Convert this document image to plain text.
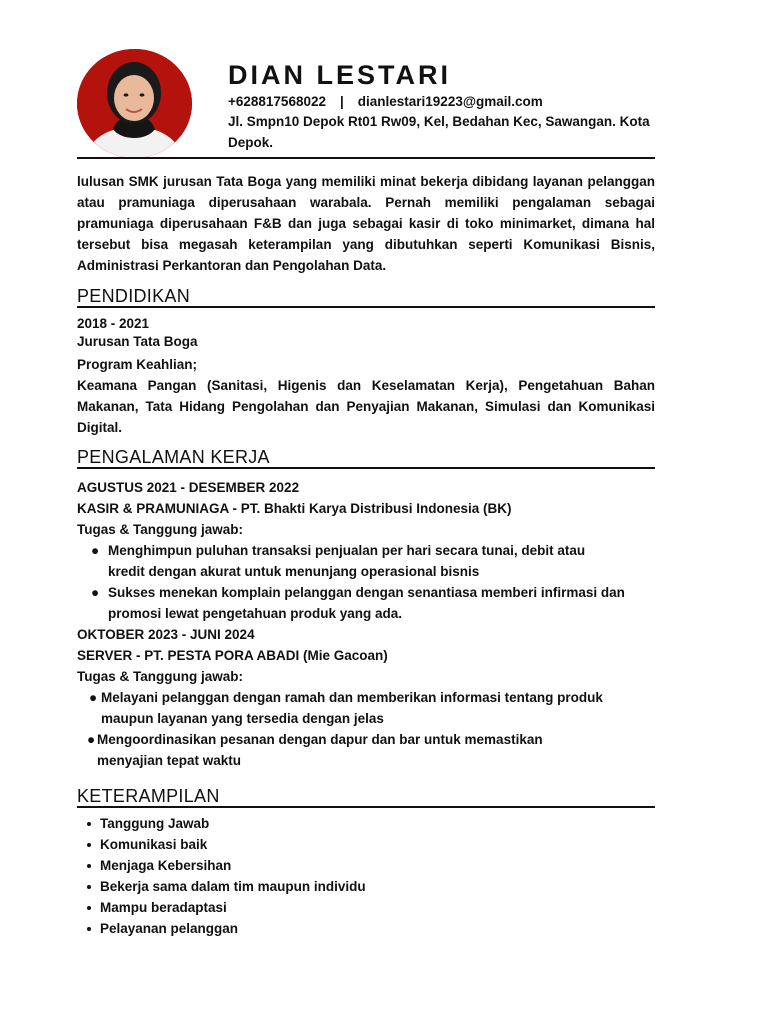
DIAN LESTARI
+628817568022 | dianlestari19223@gmail.com
Jl. Smpn10 Depok Rt01 Rw09, Kel, Bedahan Kec, Sawangan. Kota Depok.
lulusan SMK jurusan Tata Boga yang memiliki minat bekerja dibidang layanan pelanggan atau pramuniaga diperusahaan warabala. Pernah memiliki pengalaman sebagai pramuniaga diperusahaan F&B dan juga sebagai kasir di toko minimarket, dimana hal tersebut bisa megasah keterampilan yang dibutuhkan seperti Komunikasi Bisnis, Administrasi Perkantoran dan Pengolahan Data.
PENDIDIKAN
2018 - 2021
Jurusan Tata Boga
Program Keahlian;
Keamana Pangan (Sanitasi, Higenis dan Keselamatan Kerja), Pengetahuan Bahan Makanan, Tata Hidang Pengolahan dan Penyajian Makanan, Simulasi dan Komunikasi Digital.
PENGALAMAN KERJA
AGUSTUS 2021 - DESEMBER 2022
KASIR & PRAMUNIAGA - PT. Bhakti Karya Distribusi Indonesia (BK)
Tugas & Tanggung jawab:
● Menghimpun puluhan transaksi penjualan per hari secara tunai, debit atau kredit dengan akurat untuk menunjang operasional bisnis
● Sukses menekan komplain pelanggan dengan senantiasa memberi infirmasi dan promosi lewat pengetahuan produk yang ada.
OKTOBER 2023 - JUNI 2024
SERVER - PT. PESTA PORA ABADI (Mie Gacoan)
Tugas & Tanggung jawab:
● Melayani pelanggan dengan ramah dan memberikan informasi tentang produk maupun layanan yang tersedia dengan jelas
● Mengoordinasikan pesanan dengan dapur dan bar untuk memastikan menyajian tepat waktu
KETERAMPILAN
Tanggung Jawab
Komunikasi baik
Menjaga Kebersihan
Bekerja sama dalam tim maupun individu
Mampu beradaptasi
Pelayanan pelanggan
